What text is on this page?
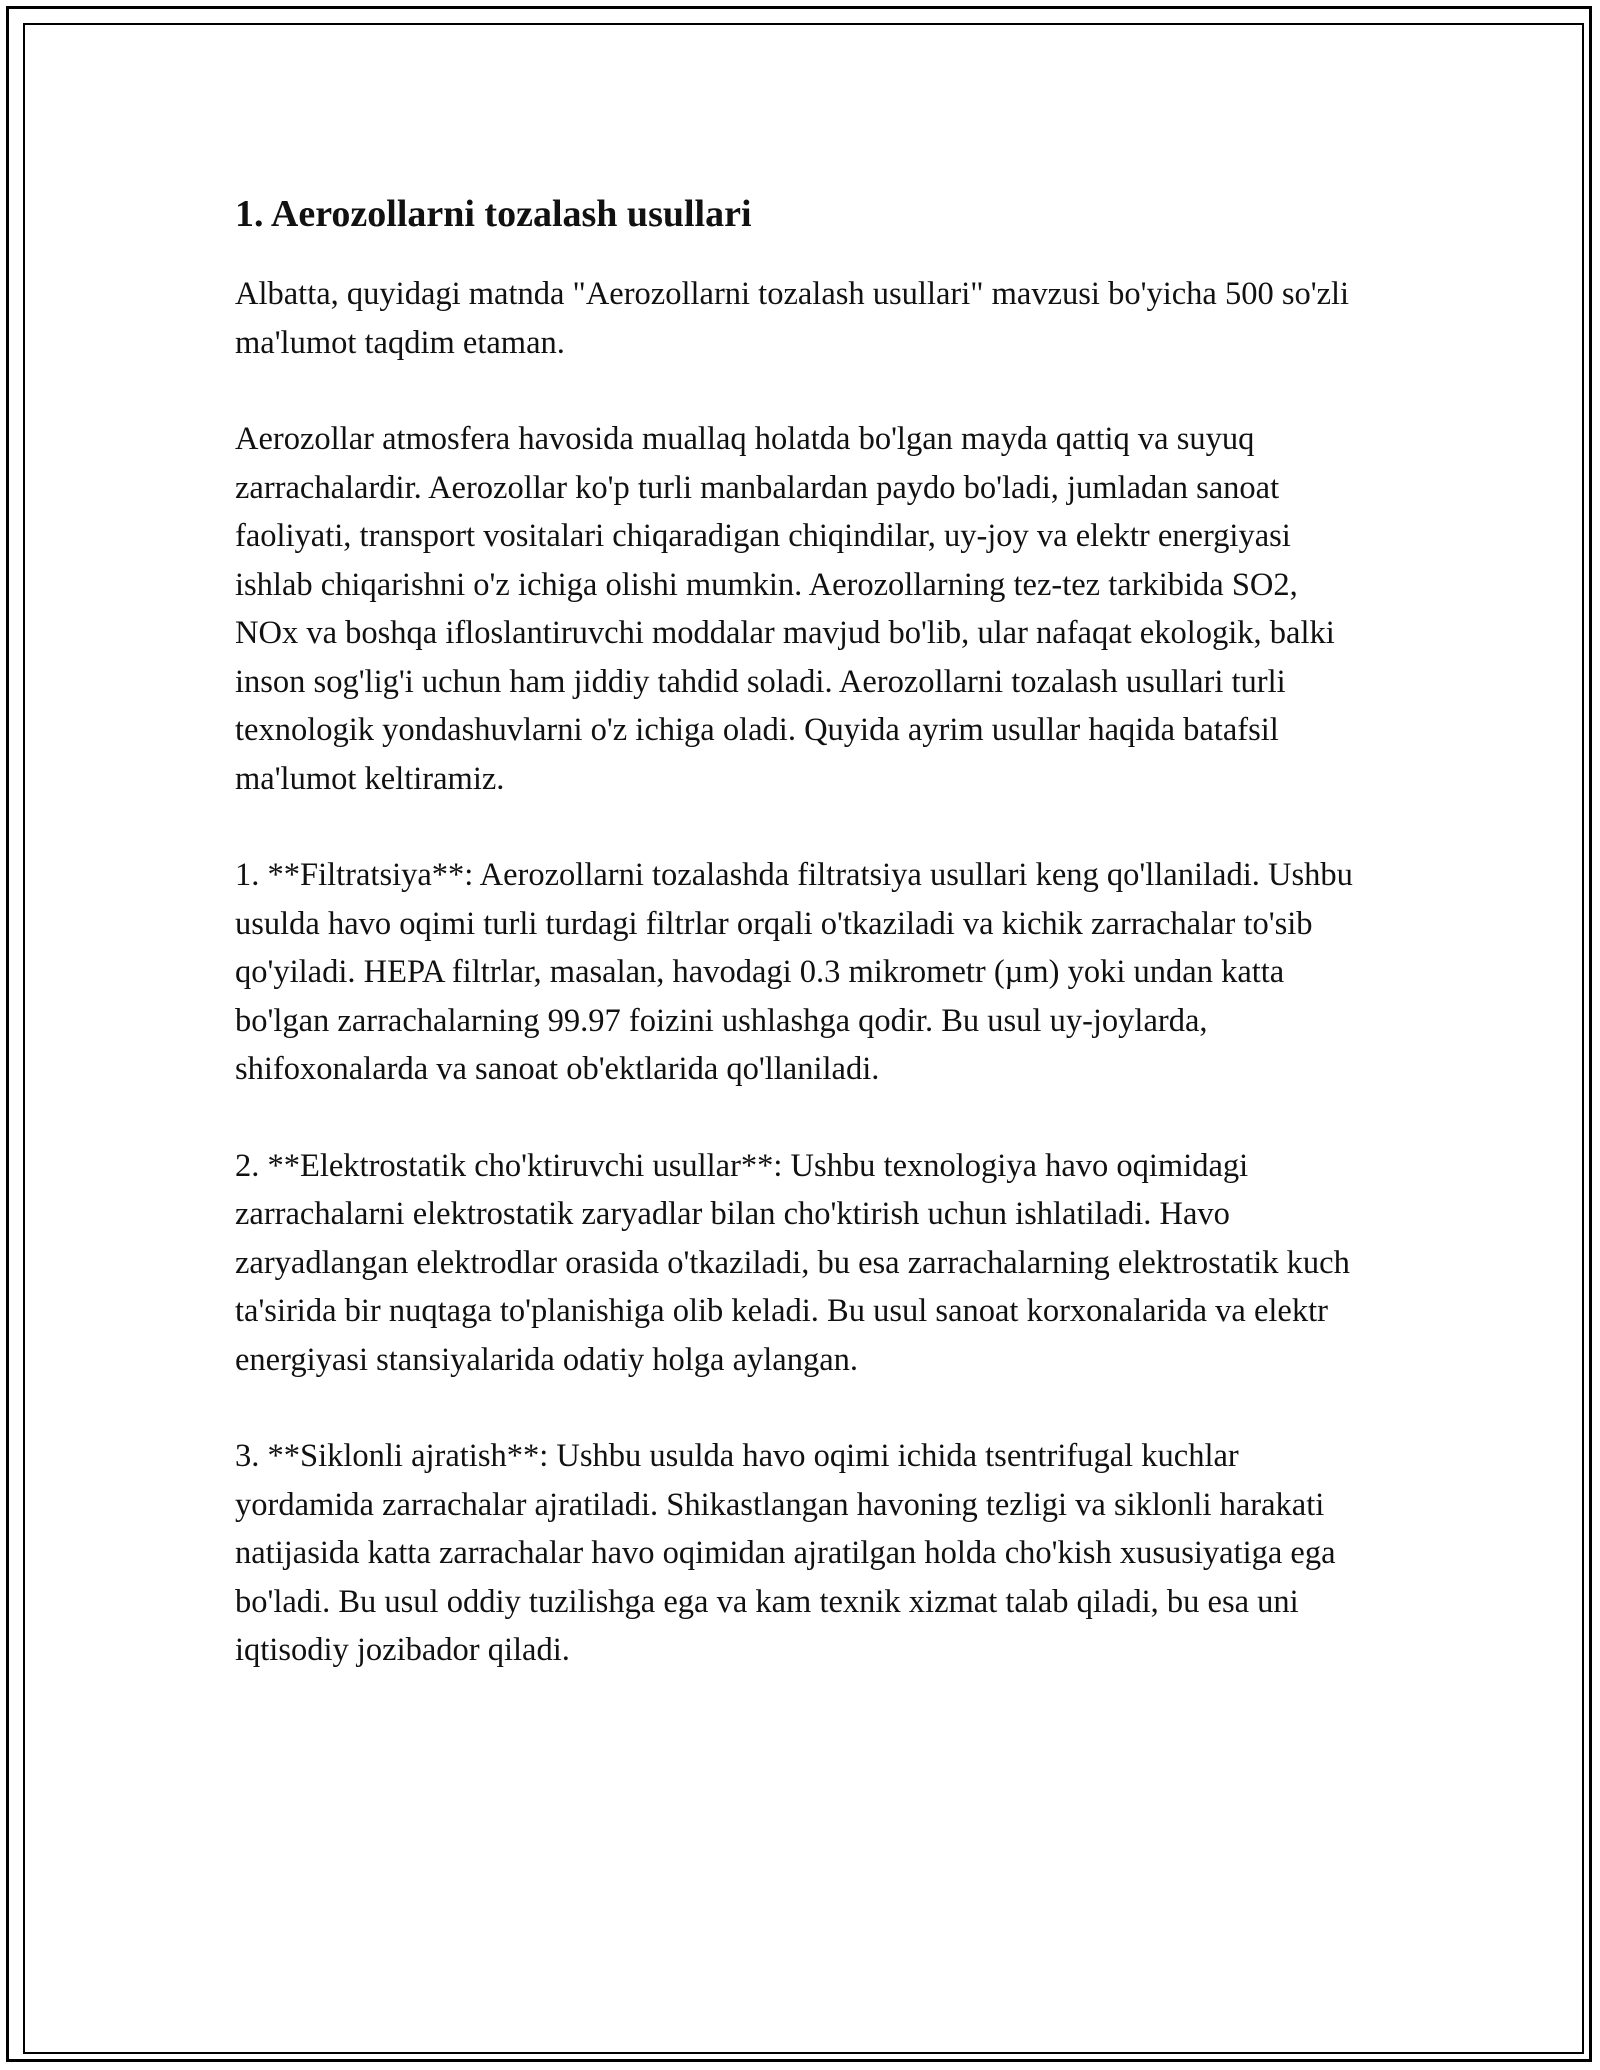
1. Aerozollarni tozalash usullari

Albatta, quyidagi matnda "Aerozollarni tozalash usullari" mavzusi bo'yicha 500 so'zli ma'lumot taqdim etaman.

Aerozollar atmosfera havosida muallaq holatda bo'lgan mayda qattiq va suyuq zarrachalardir. Aerozollar ko'p turli manbalardan paydo bo'ladi, jumladan sanoat faoliyati, transport vositalari chiqaradigan chiqindilar, uy-joy va elektr energiyasi ishlab chiqarishni o'z ichiga olishi mumkin. Aerozollarning tez-tez tarkibida SO2, NOx va boshqa ifloslantiruvchi moddalar mavjud bo'lib, ular nafaqat ekologik, balki inson sog'lig'i uchun ham jiddiy tahdid soladi. Aerozollarni tozalash usullari turli texnologik yondashuvlarni o'z ichiga oladi. Quyida ayrim usullar haqida batafsil ma'lumot keltiramiz.

1. **Filtratsiya**: Aerozollarni tozalashda filtratsiya usullari keng qo'llaniladi. Ushbu usulda havo oqimi turli turdagi filtrlar orqali o'tkaziladi va kichik zarrachalar to'sib qo'yiladi. HEPA filtrlar, masalan, havodagi 0.3 mikrometr (µm) yoki undan katta bo'lgan zarrachalarning 99.97 foizini ushlashga qodir. Bu usul uy-joylarda, shifoxonalarda va sanoat ob'ektlarida qo'llaniladi.

2. **Elektrostatik cho'ktiruvchi usullar**: Ushbu texnologiya havo oqimidagi zarrachalarni elektrostatik zaryadlar bilan cho'ktirish uchun ishlatiladi. Havo zaryadlangan elektrodlar orasida o'tkaziladi, bu esa zarrachalarning elektrostatik kuch ta'sirida bir nuqtaga to'planishiga olib keladi. Bu usul sanoat korxonalarida va elektr energiyasi stansiyalarida odatiy holga aylangan.

3. **Siklonli ajratish**: Ushbu usulda havo oqimi ichida tsentrifugal kuchlar yordamida zarrachalar ajratiladi. Shikastlangan havoning tezligi va siklonli harakati natijasida katta zarrachalar havo oqimidan ajratilgan holda cho'kish xususiyatiga ega bo'ladi. Bu usul oddiy tuzilishga ega va kam texnik xizmat talab qiladi, bu esa uni iqtisodiy jozibador qiladi.
